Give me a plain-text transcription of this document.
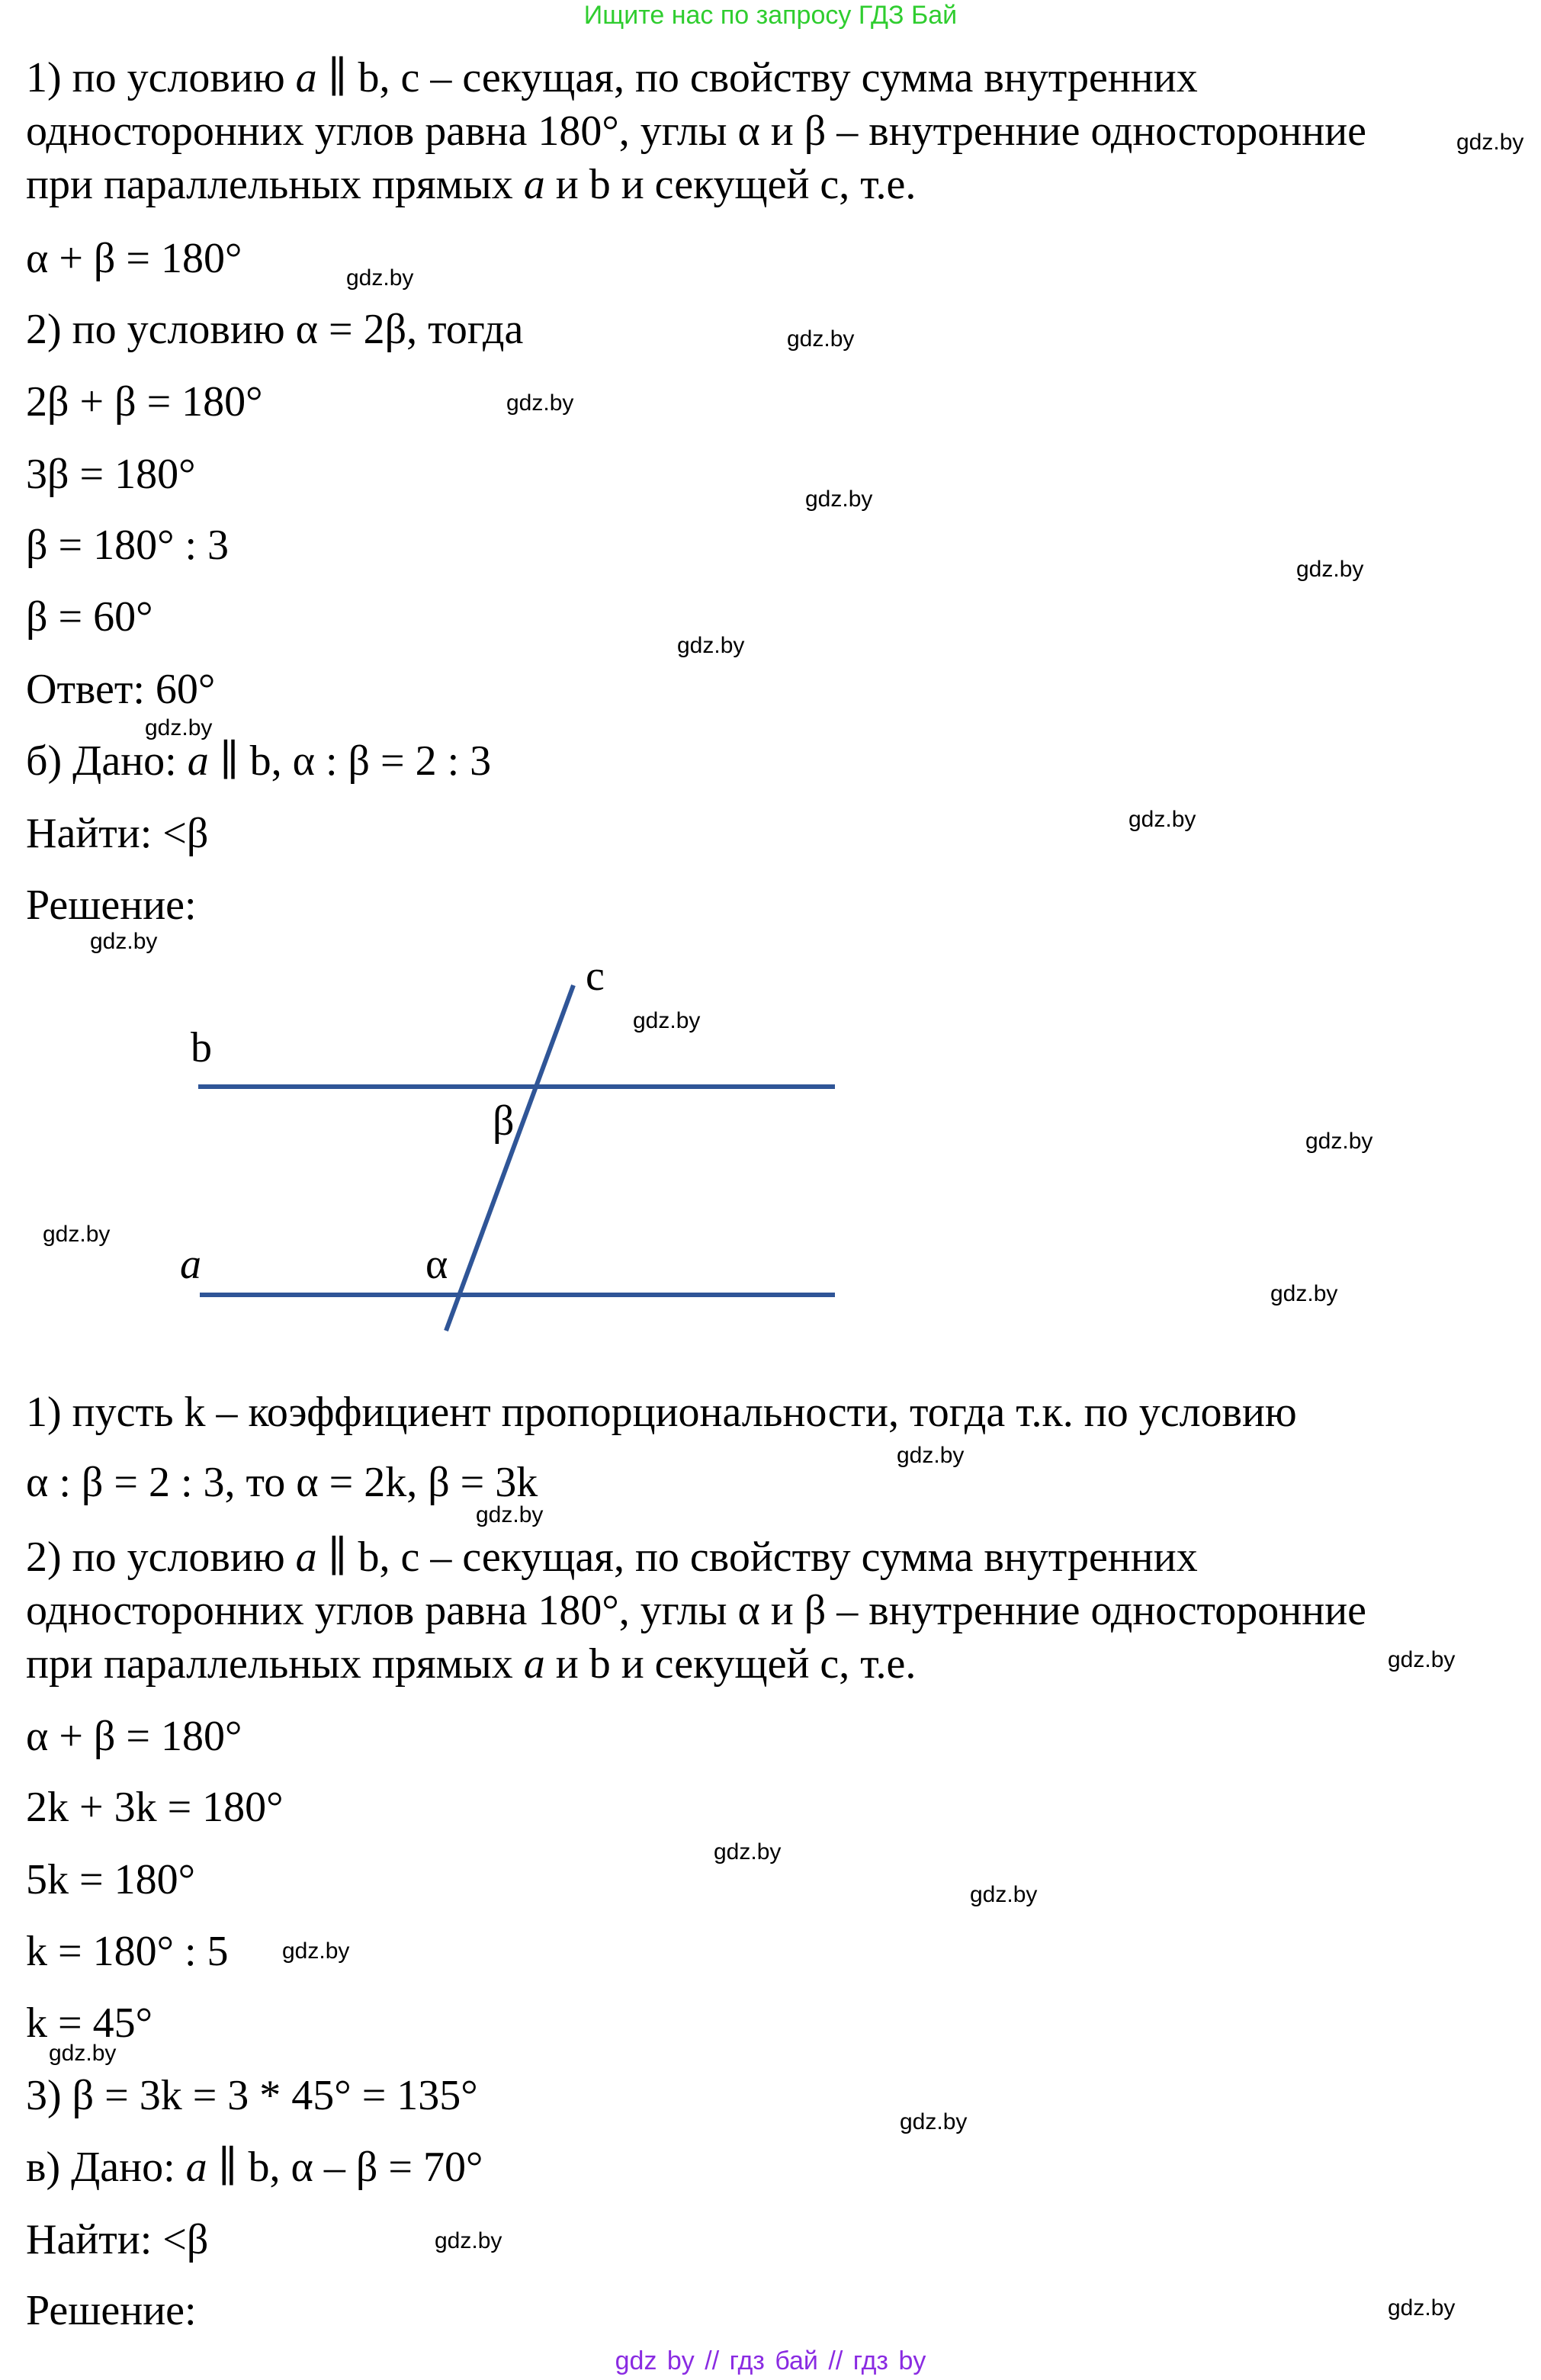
Ищите нас по запросу ГДЗ Бай
1) по условию a ∥ b, с – секущая, по свойству сумма внутренних
односторонних углов равна 180°, углы α и β – внутренние односторонние
при параллельных прямых a и b и секущей с, т.е.
α + β = 180°
2) по условию α = 2β, тогда
2β + β = 180°
3β = 180°
β = 180° : 3
β = 60°
Ответ: 60°
б) Дано: a ∥ b, α : β = 2 : 3
Найти: <β
Решение:
c
b
β
a	α
1) пусть k – коэффициент пропорциональности, тогда т.к. по условию
α : β = 2 : 3, то α = 2k, β = 3k
2) по условию a ∥ b, с – секущая, по свойству сумма внутренних
односторонних углов равна 180°, углы α и β – внутренние односторонние
при параллельных прямых a и b и секущей с, т.е.
α + β = 180°
2k + 3k = 180°
5k = 180°
k = 180° : 5
k = 45°
3) β = 3k = 3 * 45° = 135°
в) Дано: a ∥ b, α – β = 70°
Найти: <β
Решение:
gdz.by
gdz.by
gdz.by
gdz.by
gdz.by
gdz.by
gdz.by
gdz.by
gdz.by
gdz.by
gdz.by
gdz.by
gdz.by
gdz.by
gdz.by
gdz.by
gdz.by
gdz.by
gdz.by
gdz.by
gdz.by
gdz.by
gdz.by
gdz.by
gdz by // гдз бай // гдз by
